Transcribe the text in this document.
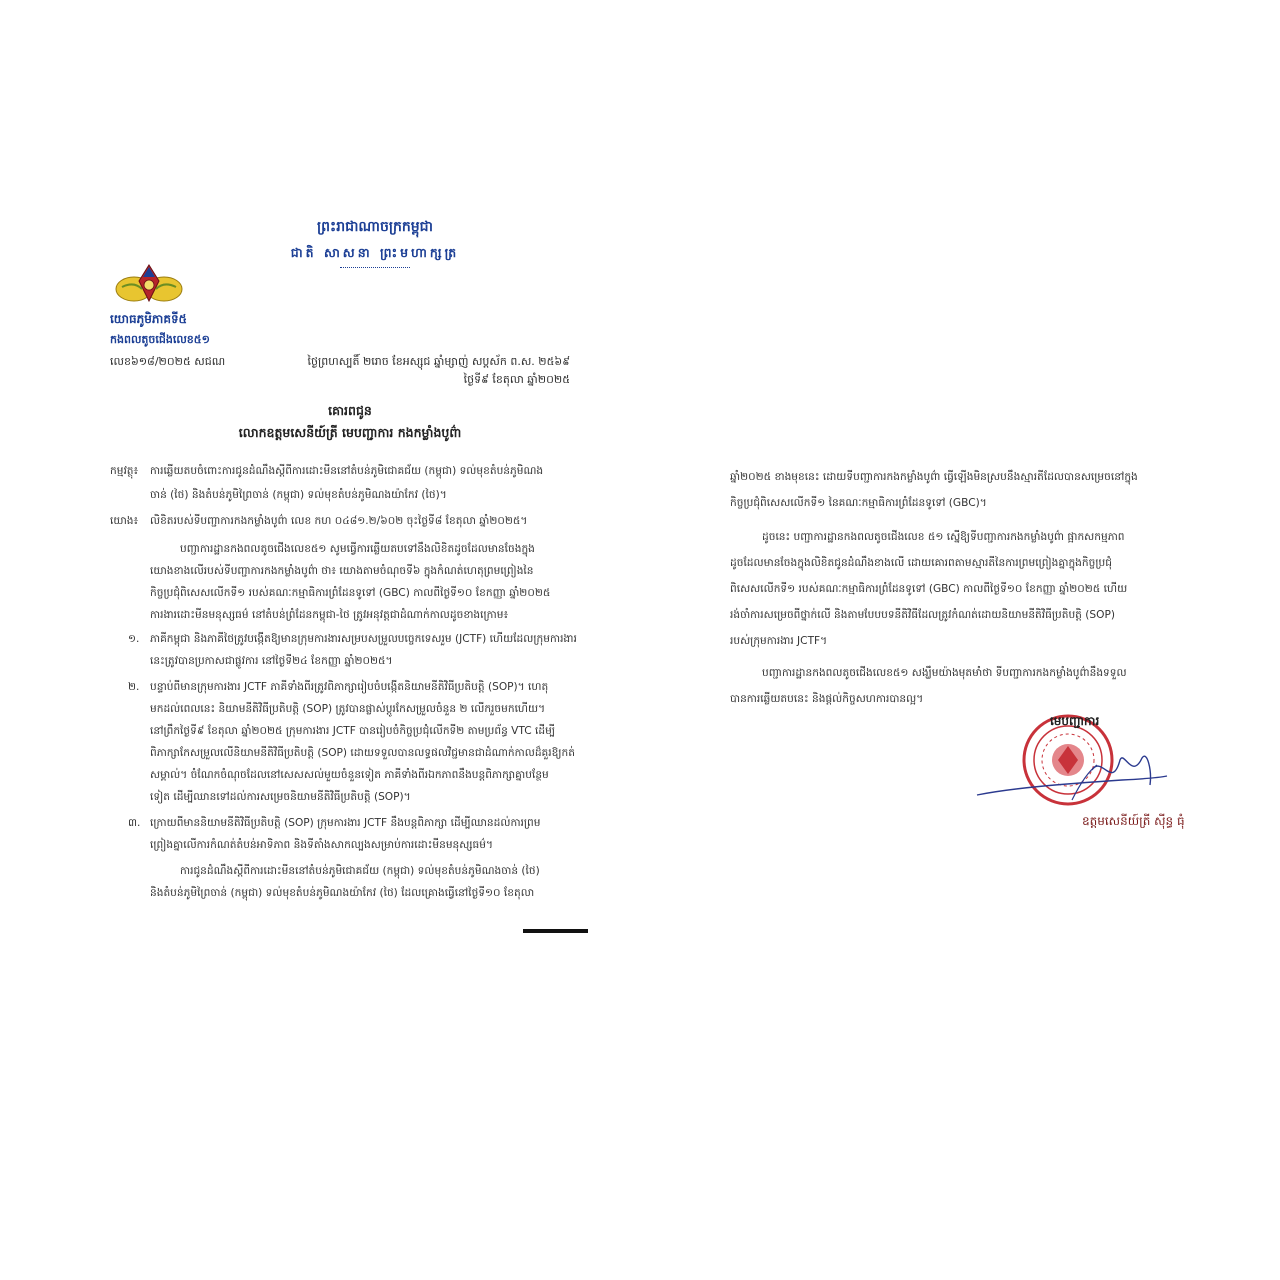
ព្រះរាជាណាចក្រកម្ពុជា
ជាតិ សាសនា ព្រះមហាក្សត្រ
យោធភូមិភាគទី៥
កងពលតូចជើងលេខ៥១
លេខ៦១៨/២០២៥ សជណ	ថ្ងៃព្រហស្បតិ៍ ២រោច ខែអស្សុជ ឆ្នាំម្សាញ់ សប្តស័ក ព.ស. ២៥៦៩
ថ្ងៃទី៩ ខែតុលា ឆ្នាំ២០២៥
គោរពជូន
លោកឧត្តមសេនីយ៍ត្រី មេបញ្ជាការ កងកម្លាំងបូព៌ា
កម្មវត្ថុ៖ ការឆ្លើយតបចំពោះការជូនដំណឹងស្តីពីការដោះមីននៅតំបន់ភូមិជោគជ័យ (កម្ពុជា) ទល់មុខតំបន់ភូមិណង
ចាន់ (ថៃ) និងតំបន់ភូមិព្រៃចាន់ (កម្ពុជា) ទល់មុខតំបន់ភូមិណងយ៉ាកែវ (ថៃ)។
យោង៖ លិខិតរបស់ទីបញ្ជាការកងកម្លាំងបូព៌ា លេខ កហ ០៤៨១.២/៦០២ ចុះថ្ងៃទី៨ ខែតុលា ឆ្នាំ២០២៥។
បញ្ជាការដ្ឋានកងពលតូចជើងលេខ៥១ សូមធ្វើការឆ្លើយតបទៅនឹងលិខិតដូចដែលមានចែងក្នុង
យោងខាងលើរបស់ទីបញ្ជាការកងកម្លាំងបូព៌ា ថា៖ យោងតាមចំណុចទី៦ ក្នុងកំណត់ហេតុព្រមព្រៀងនៃ
កិច្ចប្រជុំពិសេសលើកទី១ របស់គណៈកម្មាធិការព្រំដែនទូទៅ (GBC) កាលពីថ្ងៃទី១០ ខែកញ្ញា ឆ្នាំ២០២៥
ការងារដោះមីនមនុស្សធម៌ នៅតំបន់ព្រំដែនកម្ពុជា-ថៃ ត្រូវអនុវត្តជាដំណាក់កាលដូចខាងក្រោម៖
១. ភាគីកម្ពុជា និងភាគីថៃត្រូវបង្កើតឱ្យមានក្រុមការងារសម្របសម្រួលបច្ចេកទេសរួម (JCTF) ហើយដែលក្រុមការងារ
នេះត្រូវបានប្រកាសជាផ្លូវការ នៅថ្ងៃទី២៤ ខែកញ្ញា ឆ្នាំ២០២៥។
២. បន្ទាប់ពីមានក្រុមការងារ JCTF ភាគីទាំងពីរត្រូវពិភាក្សារៀបចំបង្កើតនិយាមនីតិវិធីប្រតិបត្តិ (SOP)។ ហេតុ
មកដល់ពេលនេះ និយាមនីតិវិធីប្រតិបត្តិ (SOP) ត្រូវបានផ្លាស់ប្តូរកែសម្រួលចំនួន ២ លើករួចមកហើយ។
នៅព្រឹកថ្ងៃទី៩ ខែតុលា ឆ្នាំ២០២៥ ក្រុមការងារ JCTF បានរៀបចំកិច្ចប្រជុំលើកទី២ តាមប្រព័ន្ធ VTC ដើម្បី
ពិភាក្សាកែសម្រួលលើនិយាមនីតិវិធីប្រតិបត្តិ (SOP) ដោយទទួលបានលទ្ធផលវិជ្ជមានជាដំណាក់កាលដ៏គួរឱ្យកត់
សម្គាល់។ ចំណែកចំណុចដែលនៅសេសសល់មួយចំនួនទៀត ភាគីទាំងពីរឯកភាពនឹងបន្តពិភាក្សាគ្នាបន្ថែម
ទៀត ដើម្បីឈានទៅដល់ការសម្រេចនិយាមនីតិវិធីប្រតិបត្តិ (SOP)។
៣. ក្រោយពីមាននិយាមនីតិវិធីប្រតិបត្តិ (SOP) ក្រុមការងារ JCTF នឹងបន្តពិភាក្សា ដើម្បីឈានដល់ការព្រម
ព្រៀងគ្នាលើការកំណត់តំបន់អាទិភាព និងទីតាំងសាកល្បងសម្រាប់ការដោះមីនមនុស្សធម៌។
ការជូនដំណឹងស្តីពីការដោះមីននៅតំបន់ភូមិជោគជ័យ (កម្ពុជា) ទល់មុខតំបន់ភូមិណងចាន់ (ថៃ)
និងតំបន់ភូមិព្រៃចាន់ (កម្ពុជា) ទល់មុខតំបន់ភូមិណងយ៉ាកែវ (ថៃ) ដែលគ្រោងធ្វើនៅថ្ងៃទី១០ ខែតុលា
ឆ្នាំ២០២៥ ខាងមុខនេះ ដោយទីបញ្ជាការកងកម្លាំងបូព៌ា ធ្វើឡើងមិនស្របនឹងស្មារតីដែលបានសម្រេចនៅក្នុង
កិច្ចប្រជុំពិសេសលើកទី១ នៃគណៈកម្មាធិការព្រំដែនទូទៅ (GBC)។
ដូចនេះ បញ្ជាការដ្ឋានកងពលតូចជើងលេខ ៥១ ស្នើឱ្យទីបញ្ជាការកងកម្លាំងបូព៌ា ផ្អាកសកម្មភាព
ដូចដែលមានចែងក្នុងលិខិតជូនដំណឹងខាងលើ ដោយគោរពតាមស្មារតីនៃការព្រមព្រៀងគ្នាក្នុងកិច្ចប្រជុំ
ពិសេសលើកទី១ របស់គណៈកម្មាធិការព្រំដែនទូទៅ (GBC) កាលពីថ្ងៃទី១០ ខែកញ្ញា ឆ្នាំ២០២៥ ហើយ
រង់ចាំការសម្រេចពីថ្នាក់លើ និងតាមបែបបទនីតិវិធីដែលត្រូវកំណត់ដោយនិយាមនីតិវិធីប្រតិបត្តិ (SOP)
របស់ក្រុមការងារ JCTF។
បញ្ជាការដ្ឋានកងពលតូចជើងលេខ៥១ សង្ឃឹមយ៉ាងមុតមាំថា ទីបញ្ជាការកងកម្លាំងបូព៌ានឹងទទួល
បានការឆ្លើយតបនេះ និងផ្តល់កិច្ចសហការបានល្អ។
មេបញ្ជាការ
ឧត្តមសេនីយ៍ត្រី សុីន្ធ ធុំ
